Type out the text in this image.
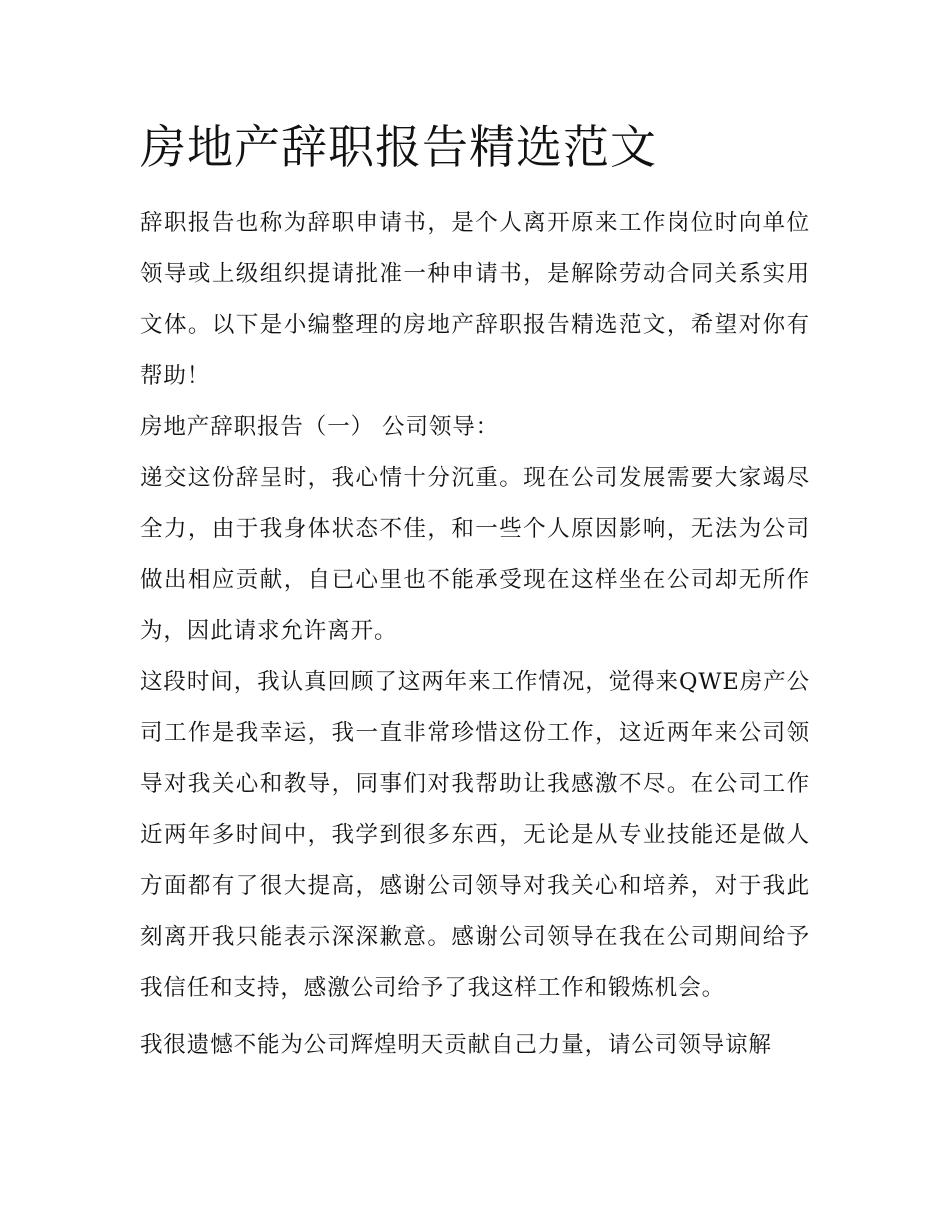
房地产辞职报告精选范文

辞职报告也称为辞职申请书，是个人离开原来工作岗位时向单位领导或上级组织提请批准一种申请书，是解除劳动合同关系实用文体。以下是小编整理的房地产辞职报告精选范文，希望对你有帮助！

房地产辞职报告（一） 公司领导：

递交这份辞呈时，我心情十分沉重。现在公司发展需要大家竭尽全力，由于我身体状态不佳，和一些个人原因影响，无法为公司做出相应贡献，自已心里也不能承受现在这样坐在公司却无所作为，因此请求允许离开。

这段时间，我认真回顾了这两年来工作情况，觉得来QWE房产公司工作是我幸运，我一直非常珍惜这份工作，这近两年来公司领导对我关心和教导，同事们对我帮助让我感激不尽。在公司工作近两年多时间中，我学到很多东西，无论是从专业技能还是做人方面都有了很大提高，感谢公司领导对我关心和培养，对于我此刻离开我只能表示深深歉意。感谢公司领导在我在公司期间给予我信任和支持，感激公司给予了我这样工作和锻炼机会。

我很遗憾不能为公司辉煌明天贡献自己力量，请公司领导谅解
